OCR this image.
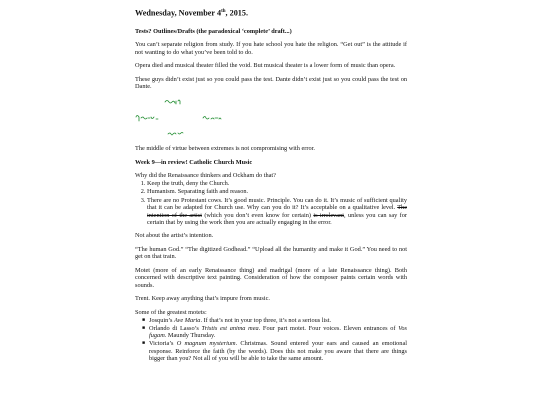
Wednesday, November 4th, 2015.

Tests? Outlines/Drafts (the paradoxical ‘complete’ draft...)

You can’t separate religion from study. If you hate school you hate the religion. “Get out” is the attitude if not wanting to do what you’ve been told to do.

Opera died and musical theater filled the void. But musical theater is a lower form of music than opera.

These guys didn’t exist just so you could pass the test. Dante didn’t exist just so you could pass the test on Dante.

The middle of virtue between extremes is not compromising with error.

Week 9—in review! Catholic Church Music

Why did the Renaissance thinkers and Ockham do that?
1. Keep the truth, deny the Church.
2. Humanism. Separating faith and reason.
3. There are no Protestant cows. It’s good music. Principle. You can do it. It’s music of sufficient quality that it can be adapted for Church use. Why can you do it? It’s acceptable on a qualitative level. The intention of the artist (which you don’t even know for certain) is irrelevant, unless you can say for certain that by using the work then you are actually engaging in the error.

Not about the artist’s intention.

“The human God.” “The digitized Godhead.” “Upload all the humanity and make it God.” You need to not get on that train.

Motet (more of an early Renaissance thing) and madrigal (more of a late Renaissance thing). Both concerned with descriptive text painting. Consideration of how the composer paints certain words with sounds.

Trent. Keep away anything that’s impure from music.

Some of the greatest motets:
■ Josquin’s Ave Maria. If that’s not in your top three, it’s not a serious list.
■ Orlando di Lasso’s Tristis est anima mea. Four part motet. Four voices. Eleven entrances of Vos fugam. Maundy Thursday.
■ Victoria’s O magnum mysterium. Christmas. Sound entered your ears and caused an emotional response. Reinforce the faith (by the words). Does this not make you aware that there are things bigger than you? Not all of you will be able to take the same amount.
